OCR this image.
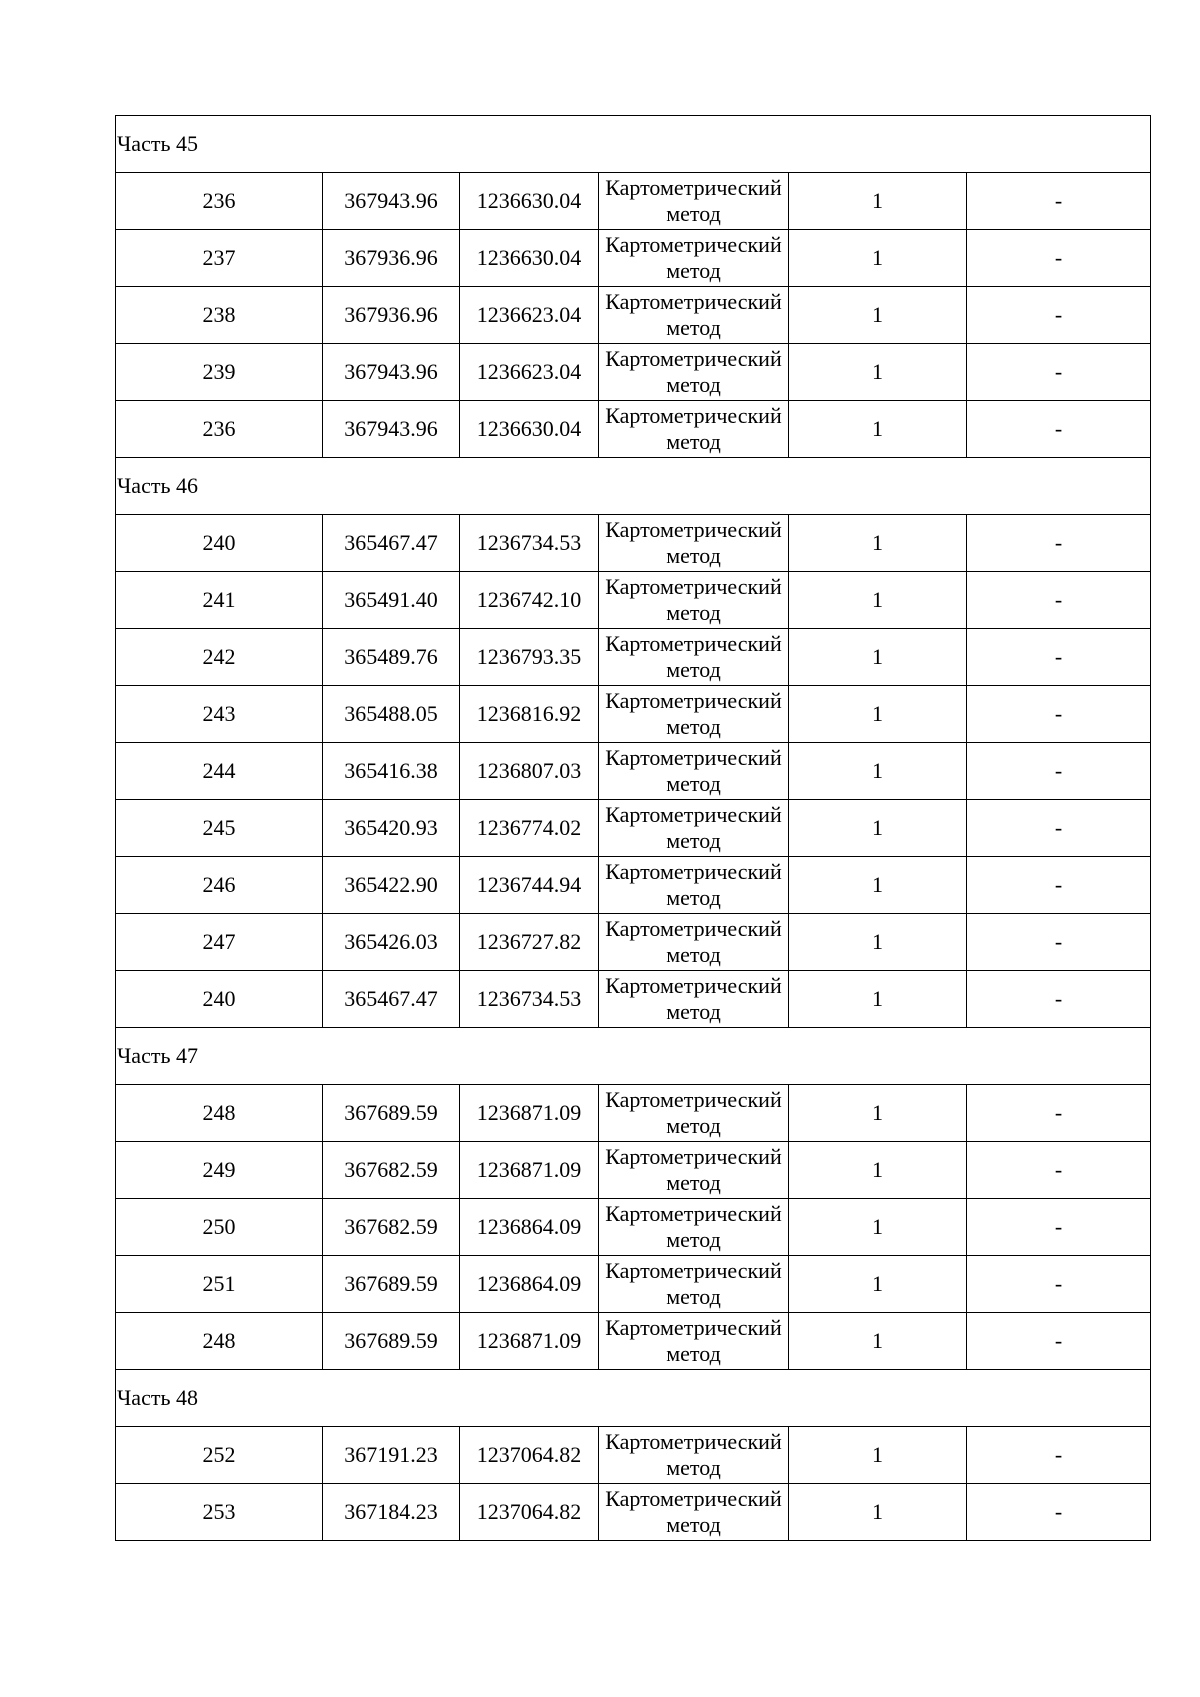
Часть 45					
236	367943.96	1236630.04	Картометрический метод	1	-
237	367936.96	1236630.04	Картометрический метод	1	-
238	367936.96	1236623.04	Картометрический метод	1	-
239	367943.96	1236623.04	Картометрический метод	1	-
236	367943.96	1236630.04	Картометрический метод	1	-
Часть 46					
240	365467.47	1236734.53	Картометрический метод	1	-
241	365491.40	1236742.10	Картометрический метод	1	-
242	365489.76	1236793.35	Картометрический метод	1	-
243	365488.05	1236816.92	Картометрический метод	1	-
244	365416.38	1236807.03	Картометрический метод	1	-
245	365420.93	1236774.02	Картометрический метод	1	-
246	365422.90	1236744.94	Картометрический метод	1	-
247	365426.03	1236727.82	Картометрический метод	1	-
240	365467.47	1236734.53	Картометрический метод	1	-
Часть 47					
248	367689.59	1236871.09	Картометрический метод	1	-
249	367682.59	1236871.09	Картометрический метод	1	-
250	367682.59	1236864.09	Картометрический метод	1	-
251	367689.59	1236864.09	Картометрический метод	1	-
248	367689.59	1236871.09	Картометрический метод	1	-
Часть 48					
252	367191.23	1237064.82	Картометрический метод	1	-
253	367184.23	1237064.82	Картометрический метод	1	-
